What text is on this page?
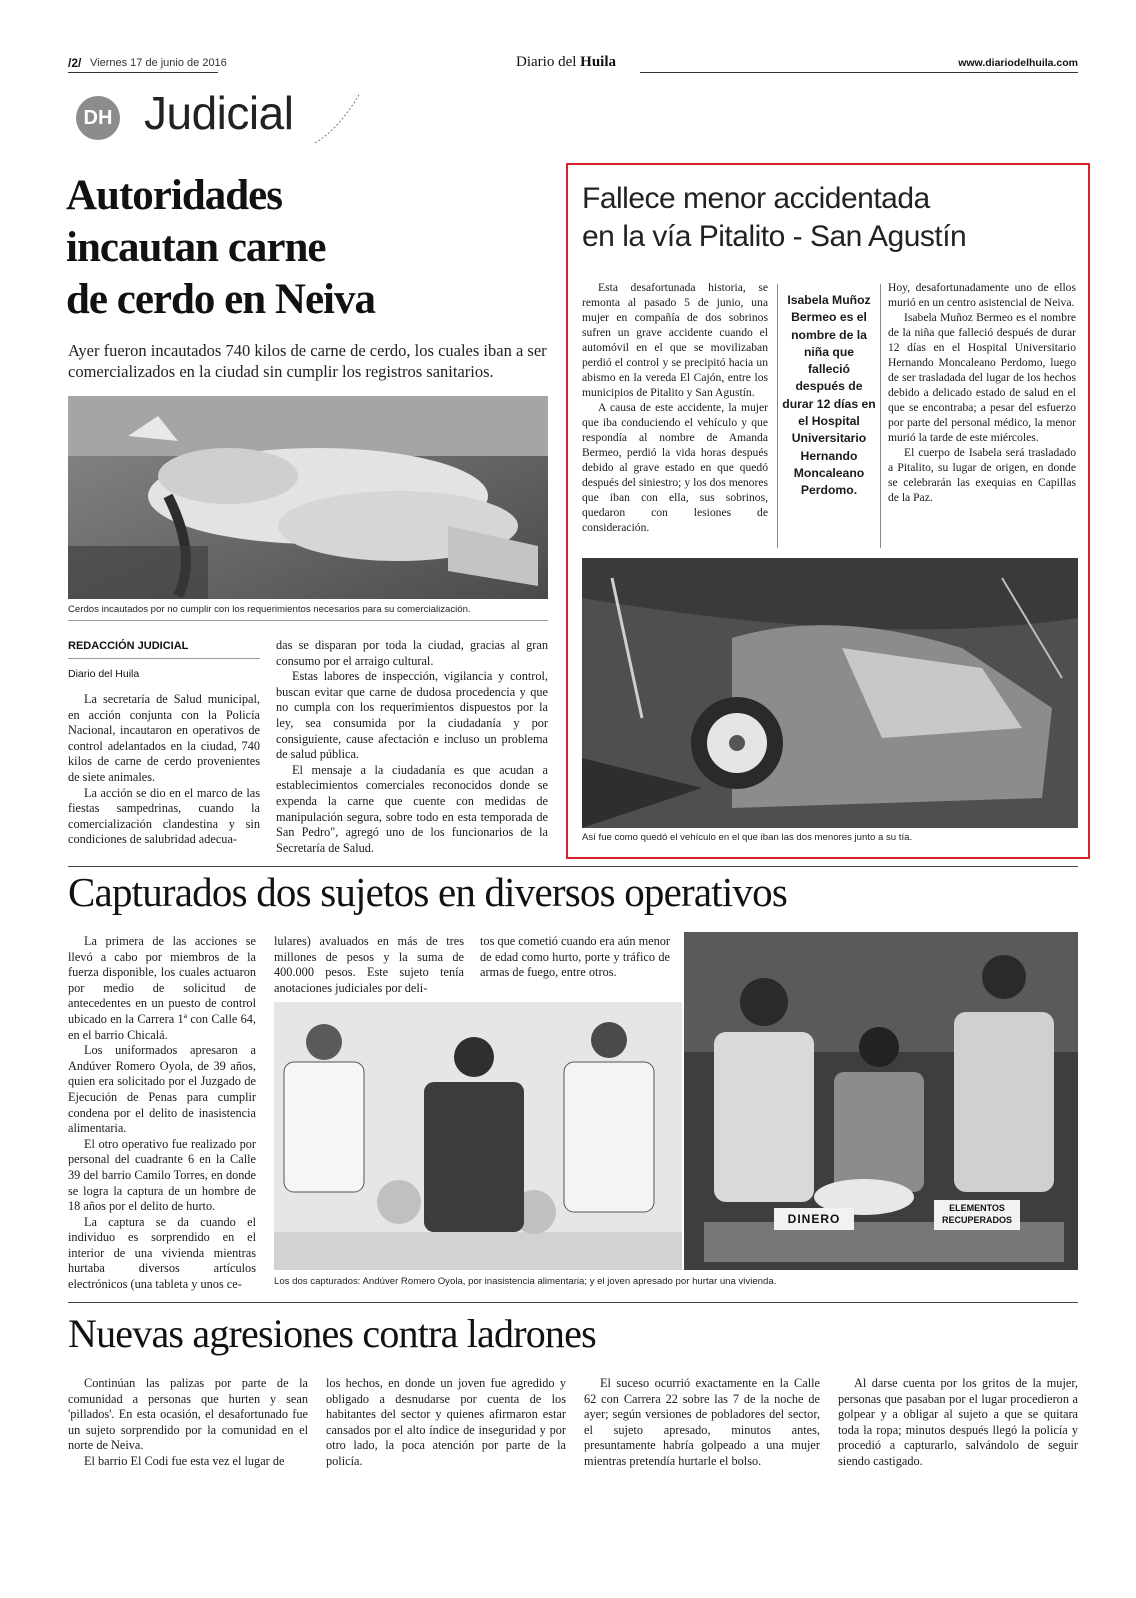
/2/ Viernes 17 de junio de 2016	Diario del Huila	www.diariodelhuila.com
DH Judicial
Autoridades
incautan carne
de cerdo en Neiva
Ayer fueron incautados 740 kilos de carne de cerdo, los cuales iban a ser comercializados en la ciudad sin cumplir los registros sanitarios.
Cerdos incautados por no cumplir con los requerimientos necesarios para su comercialización.
REDACCIÓN JUDICIAL
Diario del Huila

La secretaría de Salud municipal, en acción conjunta con la Policía Nacional, incautaron en operativos de control adelantados en la ciudad, 740 kilos de carne de cerdo provenientes de siete animales.

La acción se dio en el marco de las fiestas sampedrinas, cuando la comercialización clandestina y sin condiciones de salubridad adecua-

das se disparan por toda la ciudad, gracias al gran consumo por el arraigo cultural.

Estas labores de inspección, vigilancia y control, buscan evitar que carne de dudosa procedencia y que no cumpla con los requerimientos dispuestos por la ley, sea consumida por la ciudadanía y por consiguiente, cause afectación e incluso un problema de salud pública.

El mensaje a la ciudadanía es que acudan a establecimientos comerciales reconocidos donde se expenda la carne que cuente con medidas de manipulación segura, sobre todo en esta temporada de San Pedro", agregó uno de los funcionarios de la Secretaría de Salud.

Fallece menor accidentada
en la vía Pitalito - San Agustín

Esta desafortunada historia, se remonta al pasado 5 de junio, una mujer en compañía de dos sobrinos sufren un grave accidente cuando el automóvil en el que se movilizaban perdió el control y se precipitó hacia un abismo en la vereda El Cajón, entre los municipios de Pitalito y San Agustín.

A causa de este accidente, la mujer que iba conduciendo el vehículo y que respondía al nombre de Amanda Bermeo, perdió la vida horas después debido al grave estado en que quedó después del siniestro; y los dos menores que iban con ella, sus sobrinos, quedaron con lesiones de consideración.

Isabela Muñoz Bermeo es el nombre de la niña que falleció después de durar 12 días en el Hospital Universitario Hernando Moncaleano Perdomo.

Hoy, desafortunadamente uno de ellos murió en un centro asistencial de Neiva.

Isabela Muñoz Bermeo es el nombre de la niña que falleció después de durar 12 días en el Hospital Universitario Hernando Moncaleano Perdomo, luego de ser trasladada del lugar de los hechos debido a delicado estado de salud en el que se encontraba; a pesar del esfuerzo por parte del personal médico, la menor murió la tarde de este miércoles.

El cuerpo de Isabela será trasladado a Pitalito, su lugar de origen, en donde se celebrarán las exequias en Capillas de la Paz.

Así fue como quedó el vehículo en el que iban las dos menores junto a su tía.
Capturados dos sujetos en diversos operativos

La primera de las acciones se llevó a cabo por miembros de la fuerza disponible, los cuales actuaron por medio de solicitud de antecedentes en un puesto de control ubicado en la Carrera 1ª con Calle 64, en el barrio Chicalá.

Los uniformados apresaron a Andúver Romero Oyola, de 39 años, quien era solicitado por el Juzgado de Ejecución de Penas para cumplir condena por el delito de inasistencia alimentaria.

El otro operativo fue realizado por personal del cuadrante 6 en la Calle 39 del barrio Camilo Torres, en donde se logra la captura de un hombre de 18 años por el delito de hurto.

La captura se da cuando el individuo es sorprendido en el interior de una vivienda mientras hurtaba diversos artículos electrónicos (una tableta y unos ce-

lulares) avaluados en más de tres millones de pesos y la suma de 400.000 pesos. Este sujeto tenía anotaciones judiciales por deli-

tos que cometió cuando era aún menor de edad como hurto, porte y tráfico de armas de fuego, entre otros.

DINERO
ELEMENTOS
RECUPERADOS
Los dos capturados: Andúver Romero Oyola, por inasistencia alimentaria; y el joven apresado por hurtar una vivienda.
Nuevas agresiones contra ladrones

Continúan las palizas por parte de la comunidad a personas que hurten y sean 'pillados'. En esta ocasión, el desafortunado fue un sujeto sorprendido por la comunidad en el norte de Neiva.

El barrio El Codi fue esta vez el lugar de

los hechos, en donde un joven fue agredido y obligado a desnudarse por cuenta de los habitantes del sector y quienes afirmaron estar cansados por el alto índice de inseguridad y por otro lado, la poca atención por parte de la policía.

El suceso ocurrió exactamente en la Calle 62 con Carrera 22 sobre las 7 de la noche de ayer; según versiones de pobladores del sector, el sujeto apresado, minutos antes, presuntamente habría golpeado a una mujer mientras pretendía hurtarle el bolso.

Al darse cuenta por los gritos de la mujer, personas que pasaban por el lugar procedieron a golpear y a obligar al sujeto a que se quitara toda la ropa; minutos después llegó la policía y procedió a capturarlo, salvándolo de seguir siendo castigado.
